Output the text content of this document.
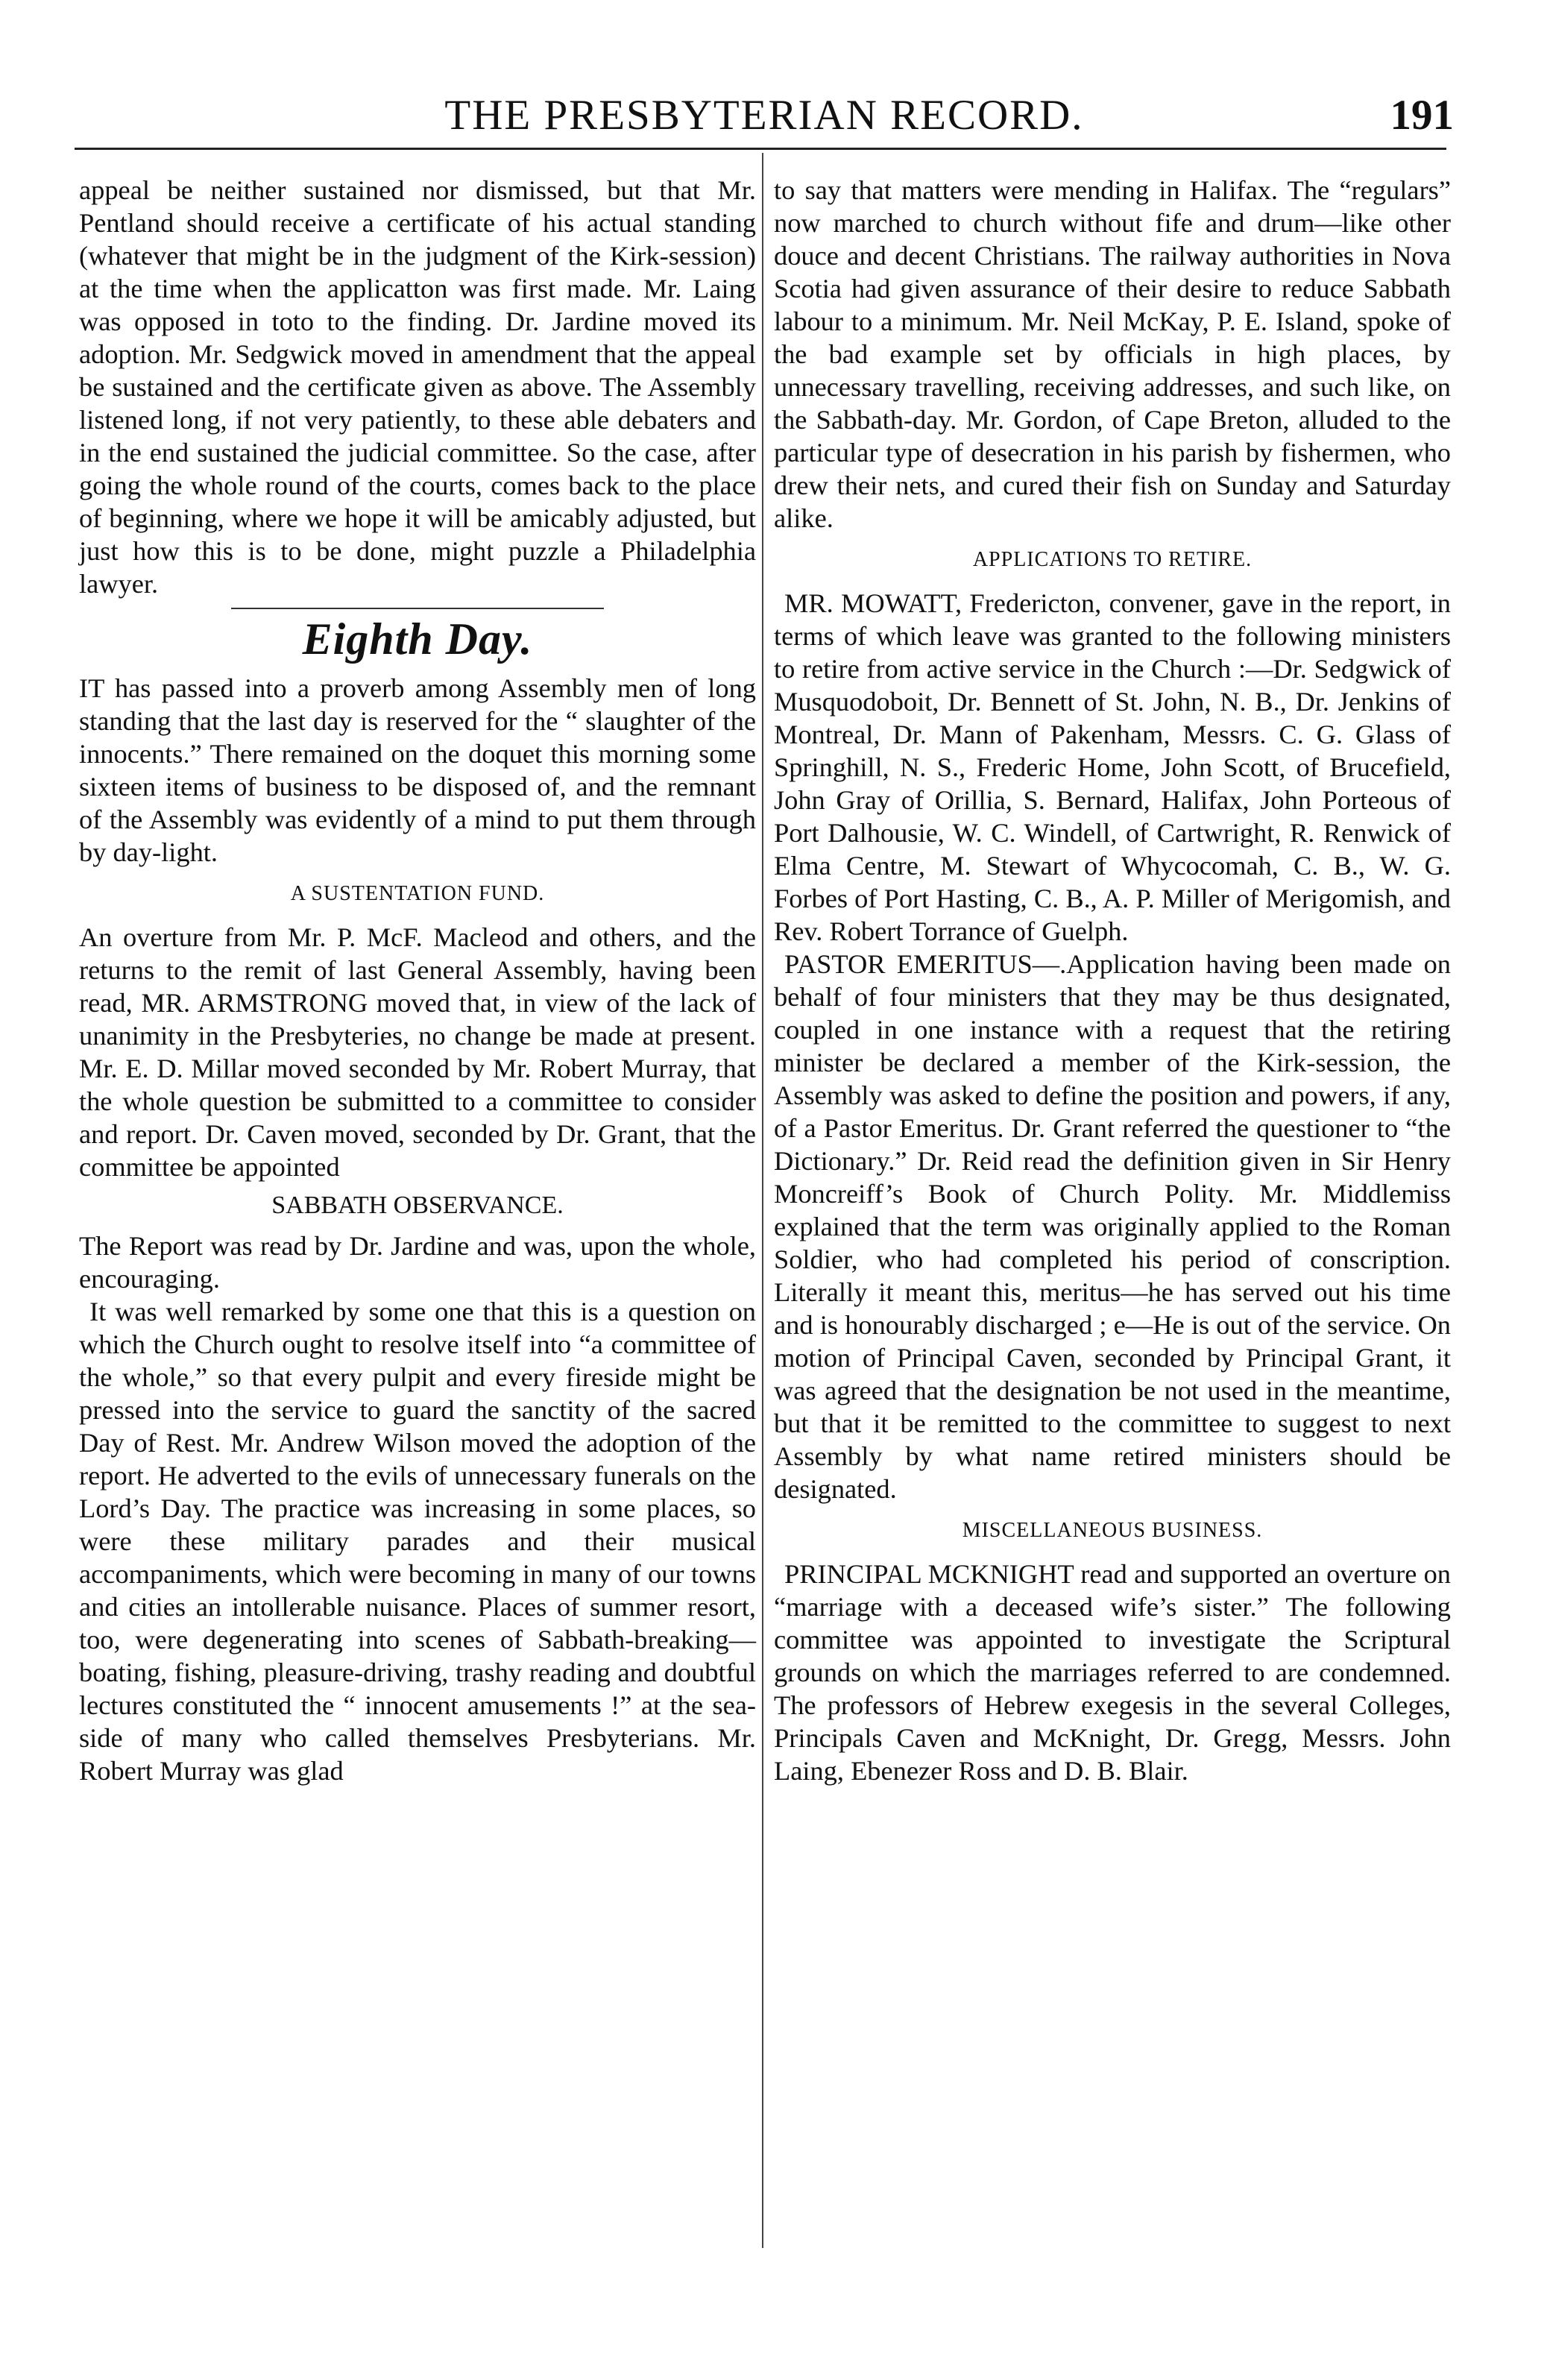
THE PRESBYTERIAN RECORD.	191

appeal be neither sustained nor dismissed, but that Mr. Pentland should receive a certificate of his actual standing (whatever that might be in the judgment of the Kirk-session) at the time when the applicatton was first made. Mr. Laing was opposed in toto to the finding. Dr. Jardine moved its adoption. Mr. Sedgwick moved in amendment that the appeal be sustained and the certificate given as above. The Assembly listened long, if not very patiently, to these able debaters and in the end sustained the judicial committee. So the case, after going the whole round of the courts, comes back to the place of beginning, where we hope it will be amicably adjusted, but just how this is to be done, might puzzle a Philadelphia lawyer.

Eighth Day.

IT has passed into a proverb among Assembly men of long standing that the last day is reserved for the “ slaughter of the innocents.” There remained on the doquet this morning some sixteen items of business to be disposed of, and the remnant of the Assembly was evidently of a mind to put them through by day-light.

A SUSTENTATION FUND.

An overture from Mr. P. McF. Macleod and others, and the returns to the remit of last General Assembly, having been read, MR. ARMSTRONG moved that, in view of the lack of unanimity in the Presbyteries, no change be made at present. Mr. E. D. Millar moved seconded by Mr. Robert Murray, that the whole question be submitted to a committee to consider and report. Dr. Caven moved, seconded by Dr. Grant, that the committee be appointed

SABBATH OBSERVANCE.

The Report was read by Dr. Jardine and was, upon the whole, encouraging.

It was well remarked by some one that this is a question on which the Church ought to resolve itself into “a committee of the whole,” so that every pulpit and every fireside might be pressed into the service to guard the sanctity of the sacred Day of Rest. Mr. Andrew Wilson moved the adoption of the report. He adverted to the evils of unnecessary funerals on the Lord’s Day. The practice was increasing in some places, so were these military parades and their musical accompaniments, which were becoming in many of our towns and cities an intollerable nuisance. Places of summer resort, too, were degenerating into scenes of Sabbath-breaking—boating, fishing, pleasure-driving, trashy reading and doubtful lectures constituted the “ innocent amusements !” at the sea-side of many who called themselves Presbyterians. Mr. Robert Murray was glad

to say that matters were mending in Halifax. The “regulars” now marched to church without fife and drum—like other douce and decent Christians. The railway authorities in Nova Scotia had given assurance of their desire to reduce Sabbath labour to a minimum. Mr. Neil McKay, P. E. Island, spoke of the bad example set by officials in high places, by unnecessary travelling, receiving addresses, and such like, on the Sabbath-day. Mr. Gordon, of Cape Breton, alluded to the particular type of desecration in his parish by fishermen, who drew their nets, and cured their fish on Sunday and Saturday alike.

APPLICATIONS TO RETIRE.

MR. MOWATT, Fredericton, convener, gave in the report, in terms of which leave was granted to the following ministers to retire from active service in the Church :—Dr. Sedgwick of Musquodoboit, Dr. Bennett of St. John, N. B., Dr. Jenkins of Montreal, Dr. Mann of Pakenham, Messrs. C. G. Glass of Springhill, N. S., Frederic Home, John Scott, of Brucefield, John Gray of Orillia, S. Bernard, Halifax, John Porteous of Port Dalhousie, W. C. Windell, of Cartwright, R. Renwick of Elma Centre, M. Stewart of Whycocomah, C. B., W. G. Forbes of Port Hasting, C. B., A. P. Miller of Merigomish, and Rev. Robert Torrance of Guelph.

PASTOR EMERITUS—.Application having been made on behalf of four ministers that they may be thus designated, coupled in one instance with a request that the retiring minister be declared a member of the Kirk-session, the Assembly was asked to define the position and powers, if any, of a Pastor Emeritus. Dr. Grant referred the questioner to “the Dictionary.” Dr. Reid read the definition given in Sir Henry Moncreiff’s Book of Church Polity. Mr. Middlemiss explained that the term was originally applied to the Roman Soldier, who had completed his period of conscription. Literally it meant this, meritus—he has served out his time and is honourably discharged ; e—He is out of the service. On motion of Principal Caven, seconded by Principal Grant, it was agreed that the designation be not used in the meantime, but that it be remitted to the committee to suggest to next Assembly by what name retired ministers should be designated.

MISCELLANEOUS BUSINESS.

PRINCIPAL MCKNIGHT read and supported an overture on “marriage with a deceased wife’s sister.” The following committee was appointed to investigate the Scriptural grounds on which the marriages referred to are condemned. The professors of Hebrew exegesis in the several Colleges, Principals Caven and McKnight, Dr. Gregg, Messrs. John Laing, Ebenezer Ross and D. B. Blair.
